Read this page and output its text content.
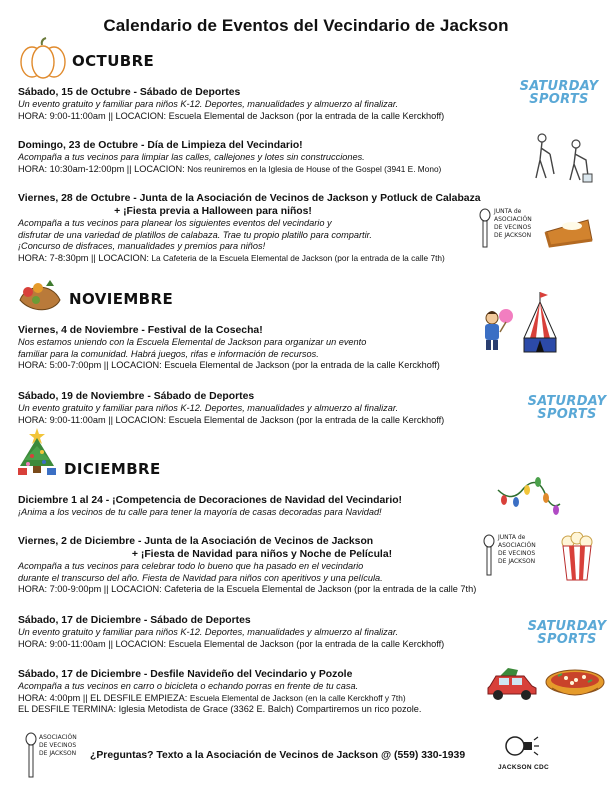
Calendario de Eventos del Vecindario de Jackson
OCTUBRE
Sábado, 15 de Octubre - Sábado de Deportes
Un evento gratuito y familiar para niños K-12. Deportes, manualidades y almuerzo al finalizar.
HORA: 9:00-11:00am || LOCACION: Escuela Elemental de Jackson (por la entrada de la calle Kerckhoff)
SATURDAY
SPORTS
Domingo, 23 de Octubre - Día de Limpieza del Vecindario!
Acompaña a tus vecinos para limpiar las calles, callejones y lotes sin construcciones.
HORA: 10:30am-12:00pm || LOCACION: Nos reuniremos en la Iglesia de House of the Gospel (3941 E. Mono)
Viernes, 28 de Octubre - Junta de la Asociación de Vecinos de Jackson y Potluck de Calabaza
+ ¡Fiesta previa a Halloween para niños!
Acompaña a tus vecinos para planear los siguientes eventos del vecindario y
disfrutar de una variedad de platillos de calabaza. Trae tu propio platillo para compartir.
¡Concurso de disfraces, manualidades y premios para niños!
HORA: 7-8:30pm || LOCACION: La Cafeteria de la Escuela Elemental de Jackson (por la entrada de la calle 7th)
JUNTA de
ASOCIACIÓN
DE VECINOS
DE JACKSON
NOVIEMBRE
Viernes, 4 de Noviembre - Festival de la Cosecha!
Nos estamos uniendo con la Escuela Elemental de Jackson para organizar un evento
familiar para la comunidad. Habrá juegos, rifas e información de recursos.
HORA: 5:00-7:00pm || LOCACION: Escuela Elemental de Jackson (por la entrada de la calle Kerckhoff)
Sábado, 19 de Noviembre - Sábado de Deportes
Un evento gratuito y familiar para niños K-12. Deportes, manualidades y almuerzo al finalizar.
HORA: 9:00-11:00am || LOCACION: Escuela Elemental de Jackson (por la entrada de la calle Kerckhoff)
SATURDAY
SPORTS
DICIEMBRE
Diciembre 1 al 24 - ¡Competencia de Decoraciones de Navidad del Vecindario!
¡Anima a los vecinos de tu calle para tener la mayoría de casas decoradas para Navidad!
Viernes, 2 de Diciembre - Junta de la Asociación de Vecinos de Jackson
+ ¡Fiesta de Navidad para niños y Noche de Película!
Acompaña a tus vecinos para celebrar todo lo bueno que ha pasado en el vecindario
durante el transcurso del año. Fiesta de Navidad para niños con aperitivos y una película.
HORA: 7:00-9:00pm || LOCACION: Cafeteria de la Escuela Elemental de Jackson (por la entrada de la calle 7th)
JUNTA de
ASOCIACIÓN
DE VECINOS
DE JACKSON
Sábado, 17 de Diciembre - Sábado de Deportes
Un evento gratuito y familiar para niños K-12. Deportes, manualidades y almuerzo al finalizar.
HORA: 9:00-11:00am || LOCACION: Escuela Elemental de Jackson (por la entrada de la calle Kerckhoff)
SATURDAY
SPORTS
Sábado, 17 de Diciembre - Desfile Navideño del Vecindario y Pozole
Acompaña a tus vecinos en carro o bicicleta o echando porras en frente de tu casa.
HORA: 4:00pm || EL DESFILE EMPIEZA: Escuela Elemental de Jackson (en la calle Kerckhoff y 7th)
EL DESFILE TERMINA: Iglesia Metodista de Grace (3362 E. Balch) Compartiremos un rico pozole.
ASOCIACIÓN
DE VECINOS
DE JACKSON ¿Preguntas? Texto a la Asociación de Vecinos de Jackson @ (559) 330-1939
JACKSON CDC
